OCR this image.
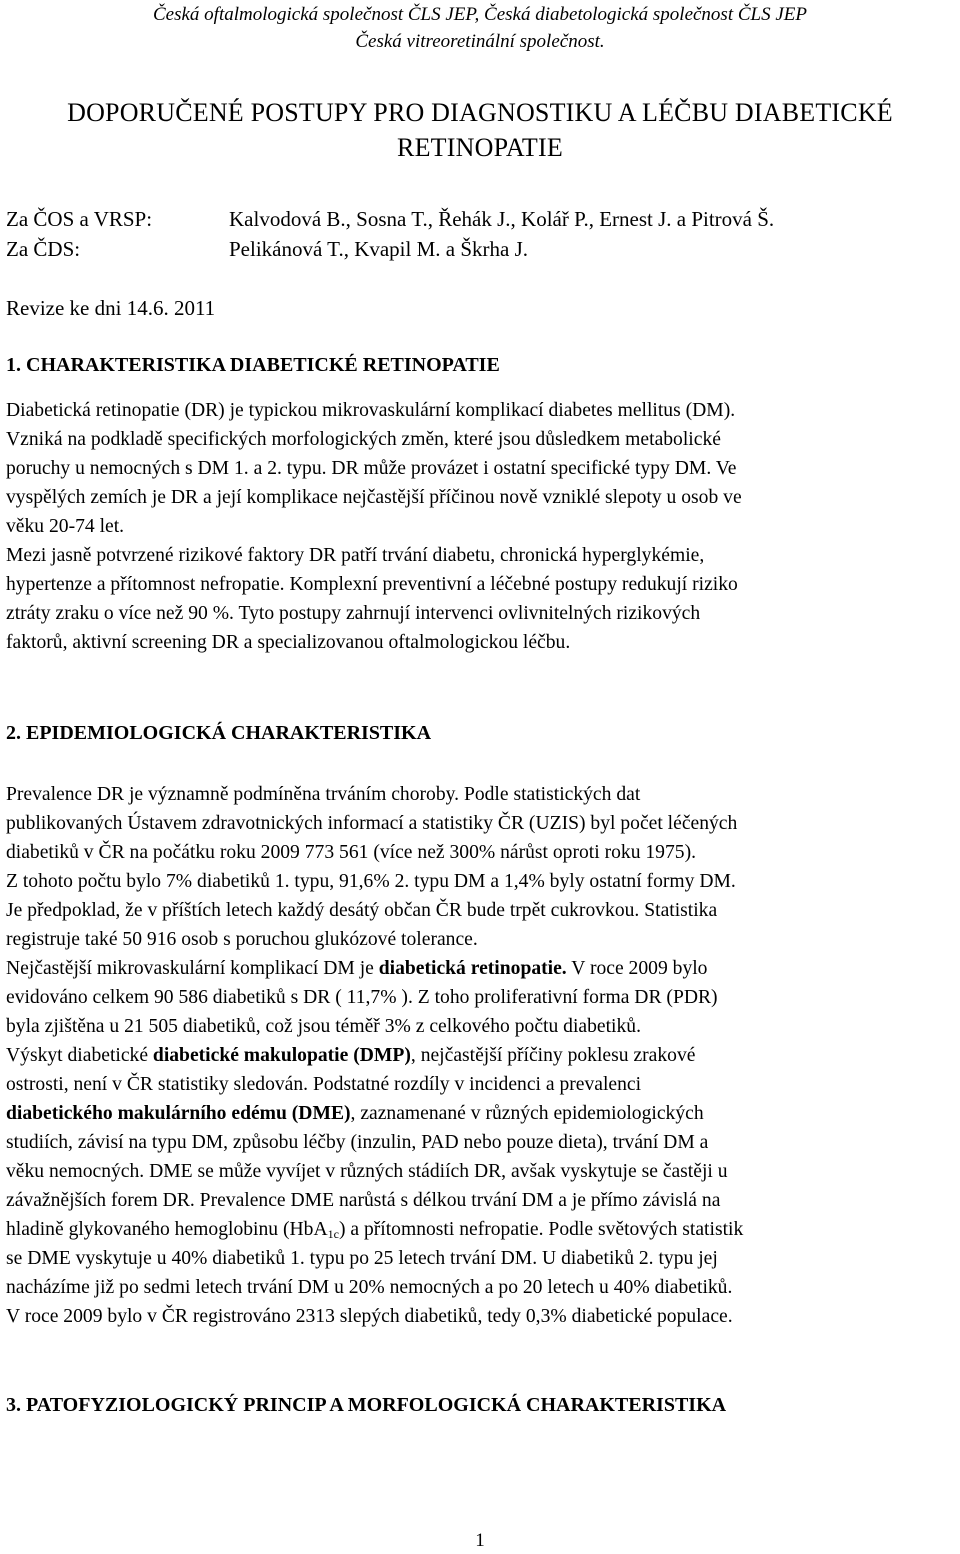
Česká oftalmologická společnost ČLS JEP, Česká diabetologická společnost ČLS JEP
Česká vitreoretinální společnost.
DOPORUČENÉ POSTUPY PRO DIAGNOSTIKU A LÉČBU DIABETICKÉ
RETINOPATIE
Za ČOS a VRSP:	Kalvodová B., Sosna T., Řehák J., Kolář P., Ernest J. a Pitrová Š.
Za ČDS:	Pelikánová T., Kvapil M. a Škrha J.
Revize ke dni 14.6. 2011
1. CHARAKTERISTIKA DIABETICKÉ RETINOPATIE
Diabetická retinopatie (DR) je typickou mikrovaskulární komplikací diabetes mellitus (DM).
Vzniká na podkladě specifických morfologických změn, které jsou důsledkem metabolické
poruchy u nemocných s DM 1. a 2. typu. DR může provázet i ostatní specifické typy DM. Ve
vyspělých zemích je DR a její komplikace nejčastější příčinou nově vzniklé slepoty u osob ve
věku 20-74 let.
Mezi jasně potvrzené rizikové faktory DR patří trvání diabetu, chronická hyperglykémie,
hypertenze a přítomnost nefropatie. Komplexní preventivní a léčebné postupy redukují riziko
ztráty zraku o více než 90 %. Tyto postupy zahrnují intervenci ovlivnitelných rizikových
faktorů, aktivní screening DR a specializovanou oftalmologickou léčbu.
2. EPIDEMIOLOGICKÁ CHARAKTERISTIKA
Prevalence DR je významně podmíněna trváním choroby. Podle statistických dat
publikovaných Ústavem zdravotnických informací a statistiky ČR (UZIS) byl počet léčených
diabetiků v ČR na počátku roku 2009 773 561 (více než 300% nárůst oproti roku 1975).
Z tohoto počtu bylo 7% diabetiků 1. typu, 91,6% 2. typu DM a 1,4% byly ostatní formy DM.
Je předpoklad, že v příštích letech každý desátý občan ČR bude trpět cukrovkou. Statistika
registruje také 50 916 osob s poruchou glukózové tolerance.
Nejčastější mikrovaskulární komplikací DM je diabetická retinopatie. V roce 2009 bylo
evidováno celkem 90 586 diabetiků s DR ( 11,7% ). Z toho proliferativní forma DR (PDR)
byla zjištěna u 21 505 diabetiků, což jsou téměř 3% z celkového počtu diabetiků.
Výskyt diabetické diabetické makulopatie (DMP), nejčastější příčiny poklesu zrakové
ostrosti, není v ČR statistiky sledován. Podstatné rozdíly v incidenci a prevalenci
diabetického makulárního edému (DME), zaznamenané v různých epidemiologických
studiích, závisí na typu DM, způsobu léčby (inzulin, PAD nebo pouze dieta), trvání DM a
věku nemocných. DME se může vyvíjet v různých stádiích DR, avšak vyskytuje se častěji u
závažnějších forem DR. Prevalence DME narůstá s délkou trvání DM a je přímo závislá na
hladině glykovaného hemoglobinu (HbA$_{1c}$) a přítomnosti nefropatie. Podle světových statistik
se DME vyskytuje u 40% diabetiků 1. typu po 25 letech trvání DM. U diabetiků 2. typu jej
nacházíme již po sedmi letech trvání DM u 20% nemocných a po 20 letech u 40% diabetiků.
V roce 2009 bylo v ČR registrováno 2313 slepých diabetiků, tedy 0,3% diabetické populace.
3. PATOFYZIOLOGICKÝ PRINCIP A MORFOLOGICKÁ CHARAKTERISTIKA
1
